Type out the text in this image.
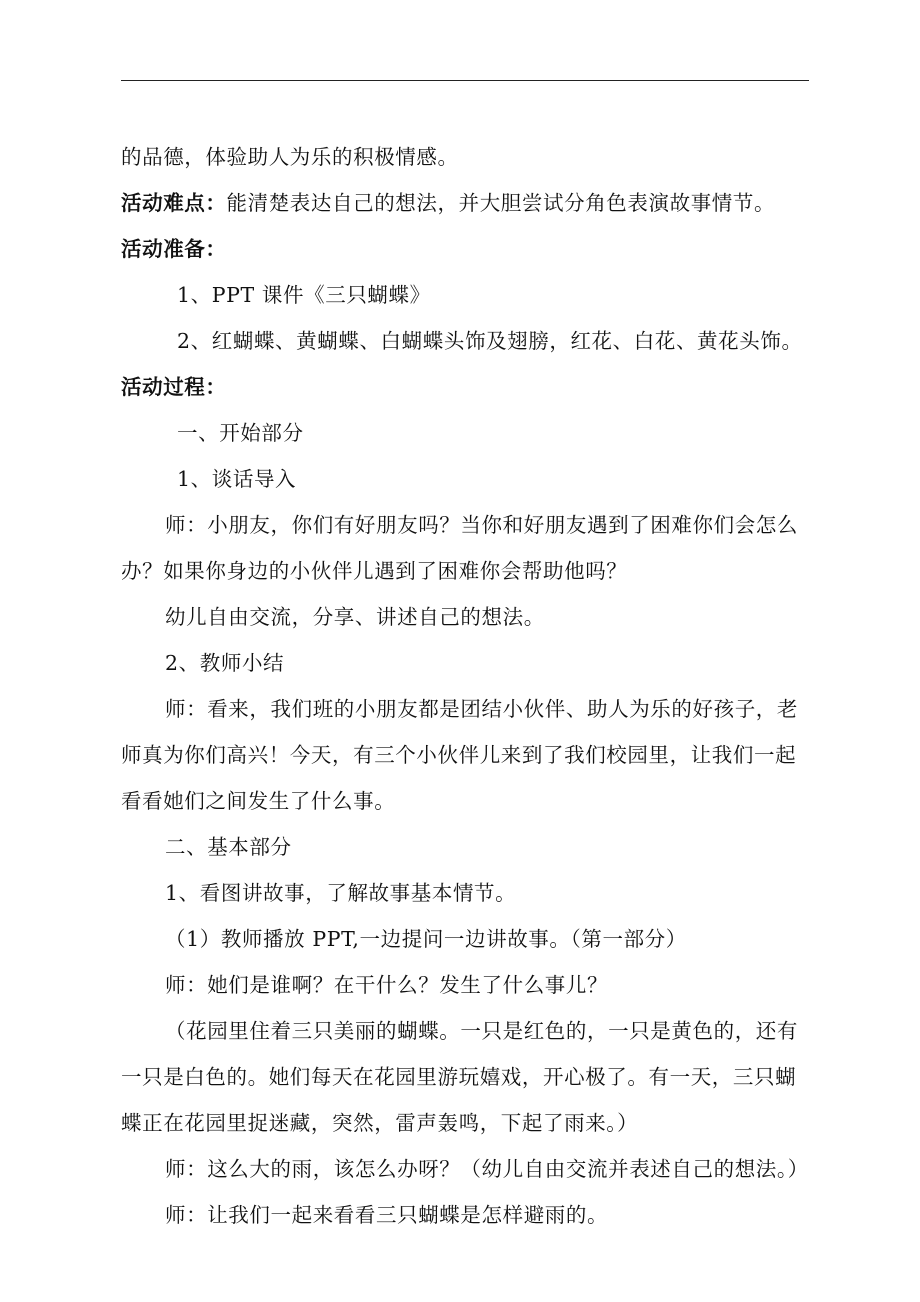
的品德，体验助人为乐的积极情感。
活动难点：能清楚表达自己的想法，并大胆尝试分角色表演故事情节。
活动准备：
1、PPT 课件《三只蝴蝶》
2、红蝴蝶、黄蝴蝶、白蝴蝶头饰及翅膀，红花、白花、黄花头饰。
活动过程：
一、开始部分
1、谈话导入
师：小朋友，你们有好朋友吗？当你和好朋友遇到了困难你们会怎么
办？如果你身边的小伙伴儿遇到了困难你会帮助他吗？
幼儿自由交流，分享、讲述自己的想法。
2、教师小结
师：看来，我们班的小朋友都是团结小伙伴、助人为乐的好孩子，老
师真为你们高兴！今天，有三个小伙伴儿来到了我们校园里，让我们一起
看看她们之间发生了什么事。
二、基本部分
1、看图讲故事，了解故事基本情节。
（1）教师播放 PPT,一边提问一边讲故事。（第一部分）
师：她们是谁啊？在干什么？发生了什么事儿？
（花园里住着三只美丽的蝴蝶。一只是红色的，一只是黄色的，还有
一只是白色的。她们每天在花园里游玩嬉戏，开心极了。有一天，三只蝴
蝶正在花园里捉迷藏，突然，雷声轰鸣，下起了雨来。）
师：这么大的雨，该怎么办呀？（幼儿自由交流并表述自己的想法。）
师：让我们一起来看看三只蝴蝶是怎样避雨的。
